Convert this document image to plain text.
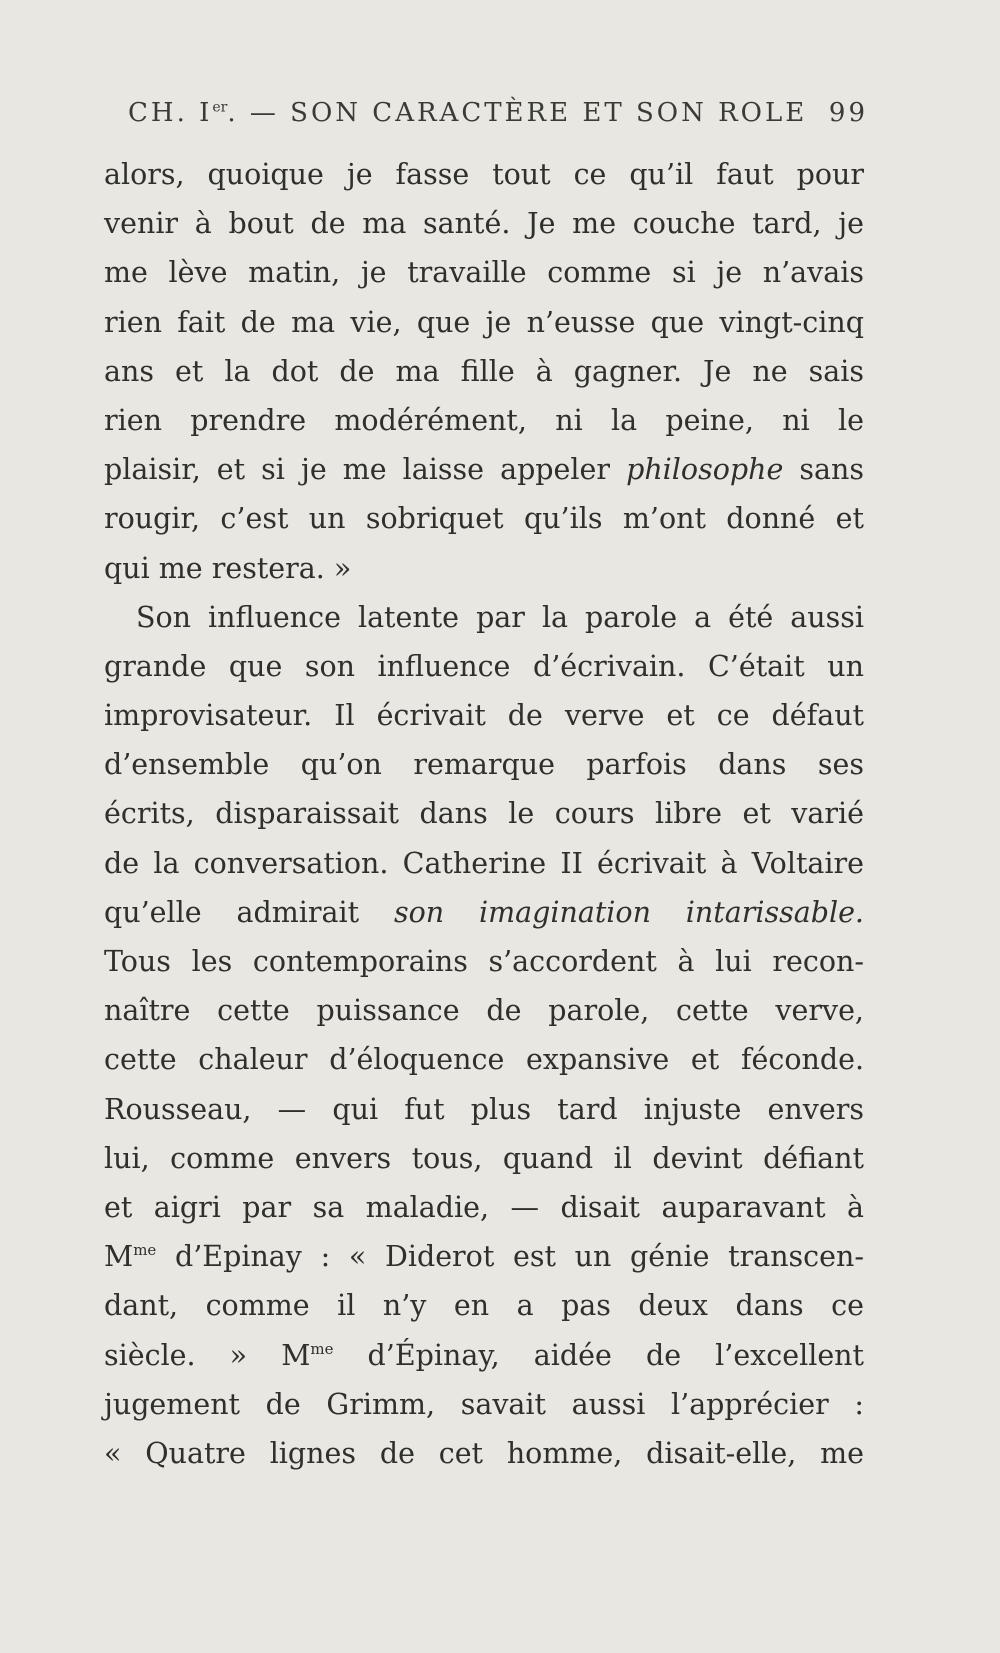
CH. Ier. — SON CARACTÈRE ET SON ROLE 99
alors, quoique je fasse tout ce qu’il faut pour
venir à bout de ma santé. Je me couche tard, je
me lève matin, je travaille comme si je n’avais
rien fait de ma vie, que je n’eusse que vingt-cinq
ans et la dot de ma fille à gagner. Je ne sais
rien prendre modérément, ni la peine, ni le
plaisir, et si je me laisse appeler philosophe sans
rougir, c’est un sobriquet qu’ils m’ont donné et
qui me restera. »
Son influence latente par la parole a été aussi
grande que son influence d’écrivain. C’était un
improvisateur. Il écrivait de verve et ce défaut
d’ensemble qu’on remarque parfois dans ses
écrits, disparaissait dans le cours libre et varié
de la conversation. Catherine II écrivait à Voltaire
qu’elle admirait son imagination intarissable.
Tous les contemporains s’accordent à lui recon-
naître cette puissance de parole, cette verve,
cette chaleur d’éloquence expansive et féconde.
Rousseau, — qui fut plus tard injuste envers
lui, comme envers tous, quand il devint défiant
et aigri par sa maladie, — disait auparavant à
$M^{me}$ d’Epinay : « Diderot est un génie transcen-
dant, comme il n’y en a pas deux dans ce
siècle. » $M^{me}$ d’Épinay, aidée de l’excellent
jugement de Grimm, savait aussi l’apprécier :
« Quatre lignes de cet homme, disait-elle, me
